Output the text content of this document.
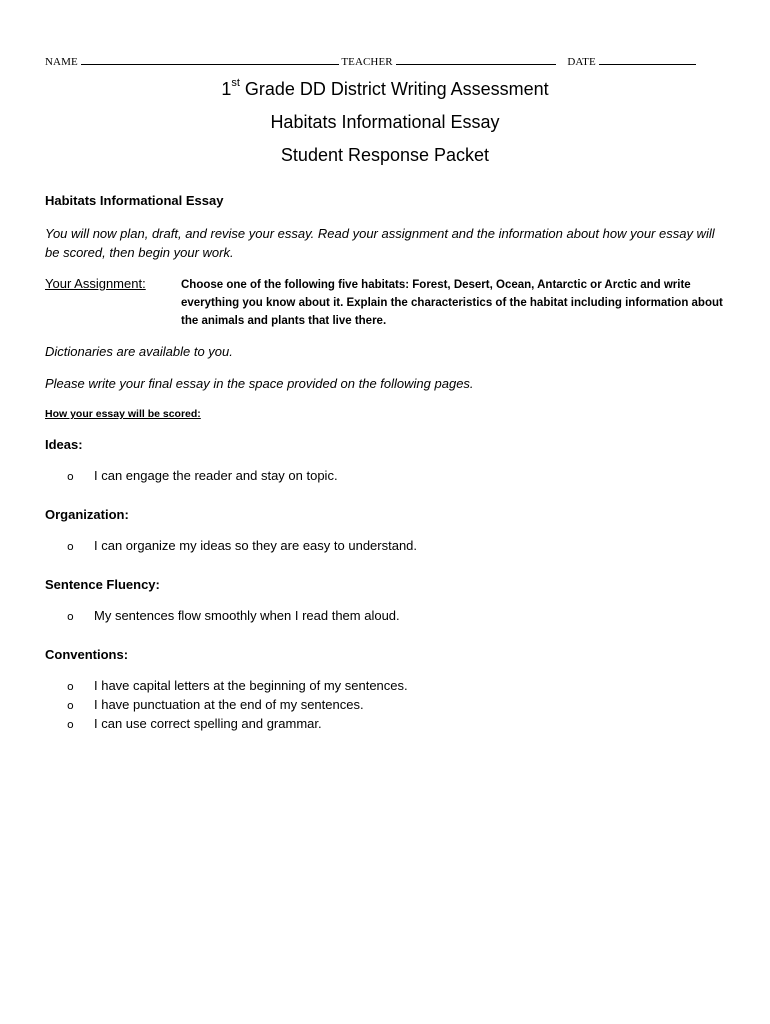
NAME	TEACHER	DATE
1st Grade DD District Writing Assessment
Habitats Informational Essay
Student Response Packet
Habitats Informational Essay
You will now plan, draft, and revise your essay. Read your assignment and the information about how your essay will be scored, then begin your work.
Your Assignment:	Choose one of the following five habitats: Forest, Desert, Ocean, Antarctic or Arctic and write everything you know about it. Explain the characteristics of the habitat including information about the animals and plants that live there.
Dictionaries are available to you.
Please write your final essay in the space provided on the following pages.
How your essay will be scored:
Ideas:
o I can engage the reader and stay on topic.
Organization:
o I can organize my ideas so they are easy to understand.
Sentence Fluency:
o My sentences flow smoothly when I read them aloud.
Conventions:
o I have capital letters at the beginning of my sentences.
o I have punctuation at the end of my sentences.
o I can use correct spelling and grammar.
